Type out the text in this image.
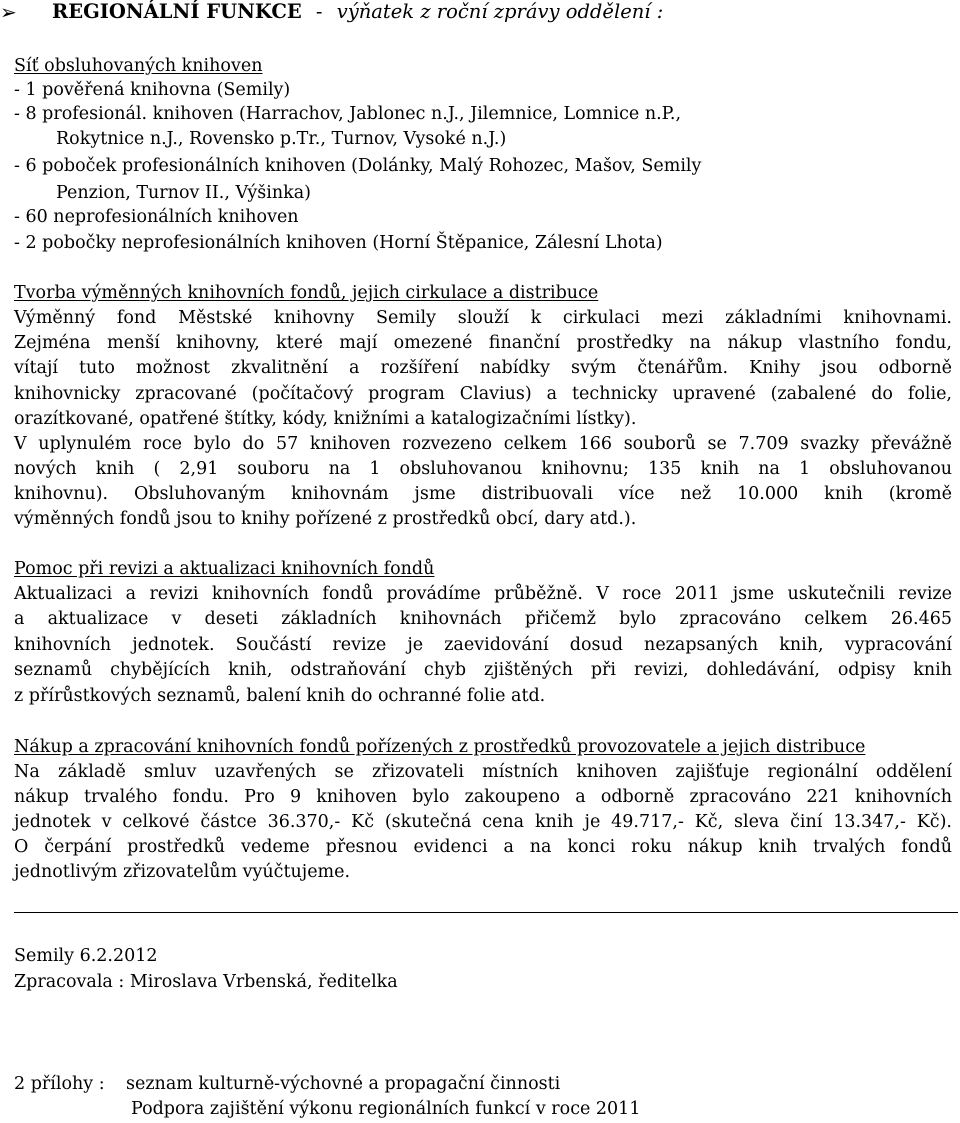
➢ REGIONÁLNÍ FUNKCE - výňatek z roční zprávy oddělení :
Síť obsluhovaných knihoven
- 1 pověřená knihovna (Semily)
- 8 profesionál. knihoven (Harrachov, Jablonec n.J., Jilemnice, Lomnice n.P.,
Rokytnice n.J., Rovensko p.Tr., Turnov, Vysoké n.J.)
- 6 poboček profesionálních knihoven (Dolánky, Malý Rohozec, Mašov, Semily
Penzion, Turnov II., Výšinka)
- 60 neprofesionálních knihoven
- 2 pobočky neprofesionálních knihoven (Horní Štěpanice, Zálesní Lhota)
Tvorba výměnných knihovních fondů, jejich cirkulace a distribuce
Výměnný fond Městské knihovny Semily slouží k cirkulaci mezi základními knihovnami.
Zejména menší knihovny, které mají omezené finanční prostředky na nákup vlastního fondu,
vítají tuto možnost zkvalitnění a rozšíření nabídky svým čtenářům. Knihy jsou odborně
knihovnicky zpracované (počítačový program Clavius) a technicky upravené (zabalené do folie,
orazítkované, opatřené štítky, kódy, knižními a katalogizačními lístky).
V uplynulém roce bylo do 57 knihoven rozvezeno celkem 166 souborů se 7.709 svazky převážně
nových knih ( 2,91 souboru na 1 obsluhovanou knihovnu; 135 knih na 1 obsluhovanou
knihovnu). Obsluhovaným knihovnám jsme distribuovali více než 10.000 knih (kromě
výměnných fondů jsou to knihy pořízené z prostředků obcí, dary atd.).
Pomoc při revizi a aktualizaci knihovních fondů
Aktualizaci a revizi knihovních fondů provádíme průběžně. V roce 2011 jsme uskutečnili revize
a aktualizace v deseti základních knihovnách přičemž bylo zpracováno celkem 26.465
knihovních jednotek. Součástí revize je zaevidování dosud nezapsaných knih, vypracování
seznamů chybějících knih, odstraňování chyb zjištěných při revizi, dohledávání, odpisy knih
z přírůstkových seznamů, balení knih do ochranné folie atd.
Nákup a zpracování knihovních fondů pořízených z prostředků provozovatele a jejich distribuce
Na základě smluv uzavřených se zřizovateli místních knihoven zajišťuje regionální oddělení
nákup trvalého fondu. Pro 9 knihoven bylo zakoupeno a odborně zpracováno 221 knihovních
jednotek v celkové částce 36.370,- Kč (skutečná cena knih je 49.717,- Kč, sleva činí 13.347,- Kč).
O čerpání prostředků vedeme přesnou evidenci a na konci roku nákup knih trvalých fondů
jednotlivým zřizovatelům vyúčtujeme.
Semily 6.2.2012
Zpracovala : Miroslava Vrbenská, ředitelka
2 přílohy : seznam kulturně-výchovné a propagační činnosti
Podpora zajištění výkonu regionálních funkcí v roce 2011
